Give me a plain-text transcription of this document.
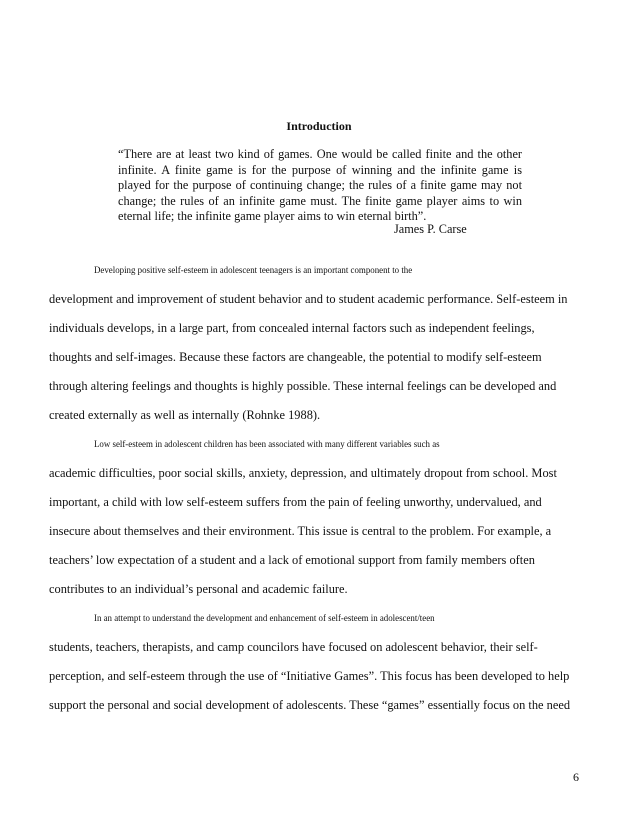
Introduction
“There are at least two kind of games. One would be called finite and the other
infinite. A finite game is for the purpose of winning and the infinite game is
played for the purpose of continuing change; the rules of a finite game may not
change; the rules of an infinite game must. The finite game player aims to win
eternal life; the infinite game player aims to win eternal birth”.
James P. Carse
Developing positive self-esteem in adolescent teenagers is an important component to the
development and improvement of student behavior and to student academic performance. Self-esteem in
individuals develops, in a large part, from concealed internal factors such as independent feelings,
thoughts and self-images. Because these factors are changeable, the potential to modify self-esteem
through altering feelings and thoughts is highly possible. These internal feelings can be developed and
created externally as well as internally (Rohnke 1988).
Low self-esteem in adolescent children has been associated with many different variables such as
academic difficulties, poor social skills, anxiety, depression, and ultimately dropout from school. Most
important, a child with low self-esteem suffers from the pain of feeling unworthy, undervalued, and
insecure about themselves and their environment. This issue is central to the problem. For example, a
teachers’ low expectation of a student and a lack of emotional support from family members often
contributes to an individual’s personal and academic failure.
In an attempt to understand the development and enhancement of self-esteem in adolescent/teen
students, teachers, therapists, and camp councilors have focused on adolescent behavior, their self-
perception, and self-esteem through the use of “Initiative Games”. This focus has been developed to help
support the personal and social development of adolescents. These “games” essentially focus on the need
6
